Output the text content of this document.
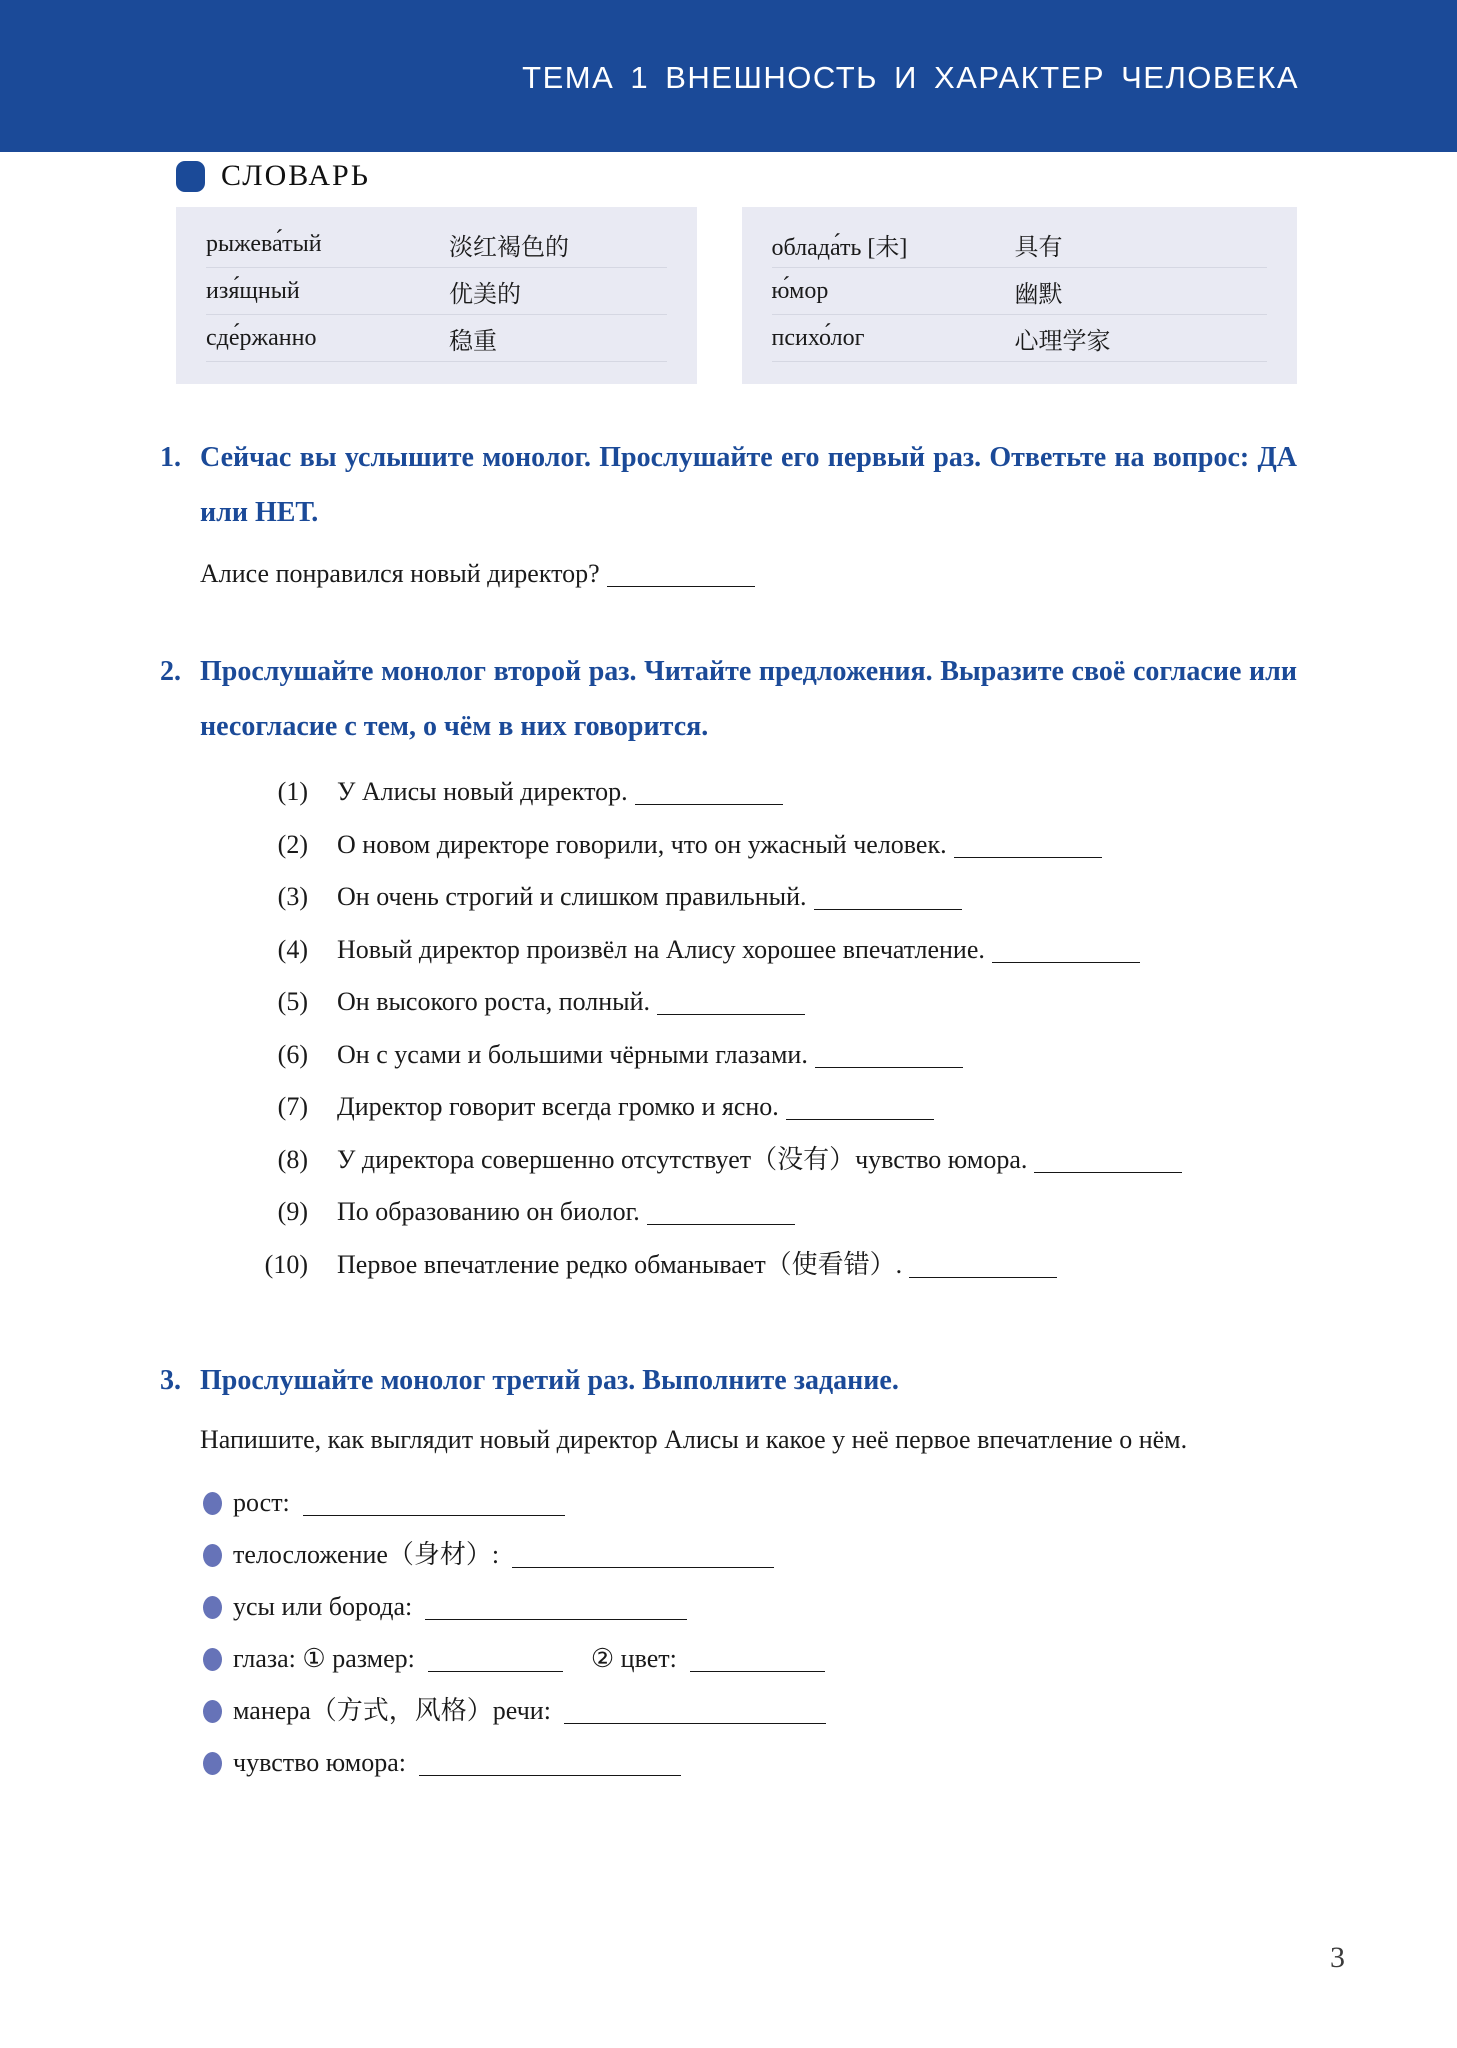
ТЕМА 1 ВНЕШНОСТЬ И ХАРАКТЕР ЧЕЛОВЕКА
СЛОВАРЬ
рыжева́тый	淡红褐色的
изя́щный	优美的
сде́ржанно	稳重
облада́ть [未]	具有
ю́мор	幽默
психо́лог	心理学家
1. Сейчас вы услышите монолог. Прослушайте его первый раз. Ответьте на вопрос: ДА или НЕТ.
Алисе понравился новый директор?
2. Прослушайте монолог второй раз. Читайте предложения. Выразите своё согласие или несогласие с тем, о чём в них говорится.
(1) У Алисы новый директор.
(2) О новом директоре говорили, что он ужасный человек.
(3) Он очень строгий и слишком правильный.
(4) Новый директор произвёл на Алису хорошее впечатление.
(5) Он высокого роста, полный.
(6) Он с усами и большими чёрными глазами.
(7) Директор говорит всегда громко и ясно.
(8) У директора совершенно отсутствует（没有）чувство юмора.
(9) По образованию он биолог.
(10) Первое впечатление редко обманывает（使看错）.
3. Прослушайте монолог третий раз. Выполните задание.
Напишите, как выглядит новый директор Алисы и какое у неё первое впечатление о нём.
рост:
телосложение（身材）:
усы или борода:
глаза: ① размер:	② цвет:
манера（方式，风格）речи:
чувство юмора:
3
